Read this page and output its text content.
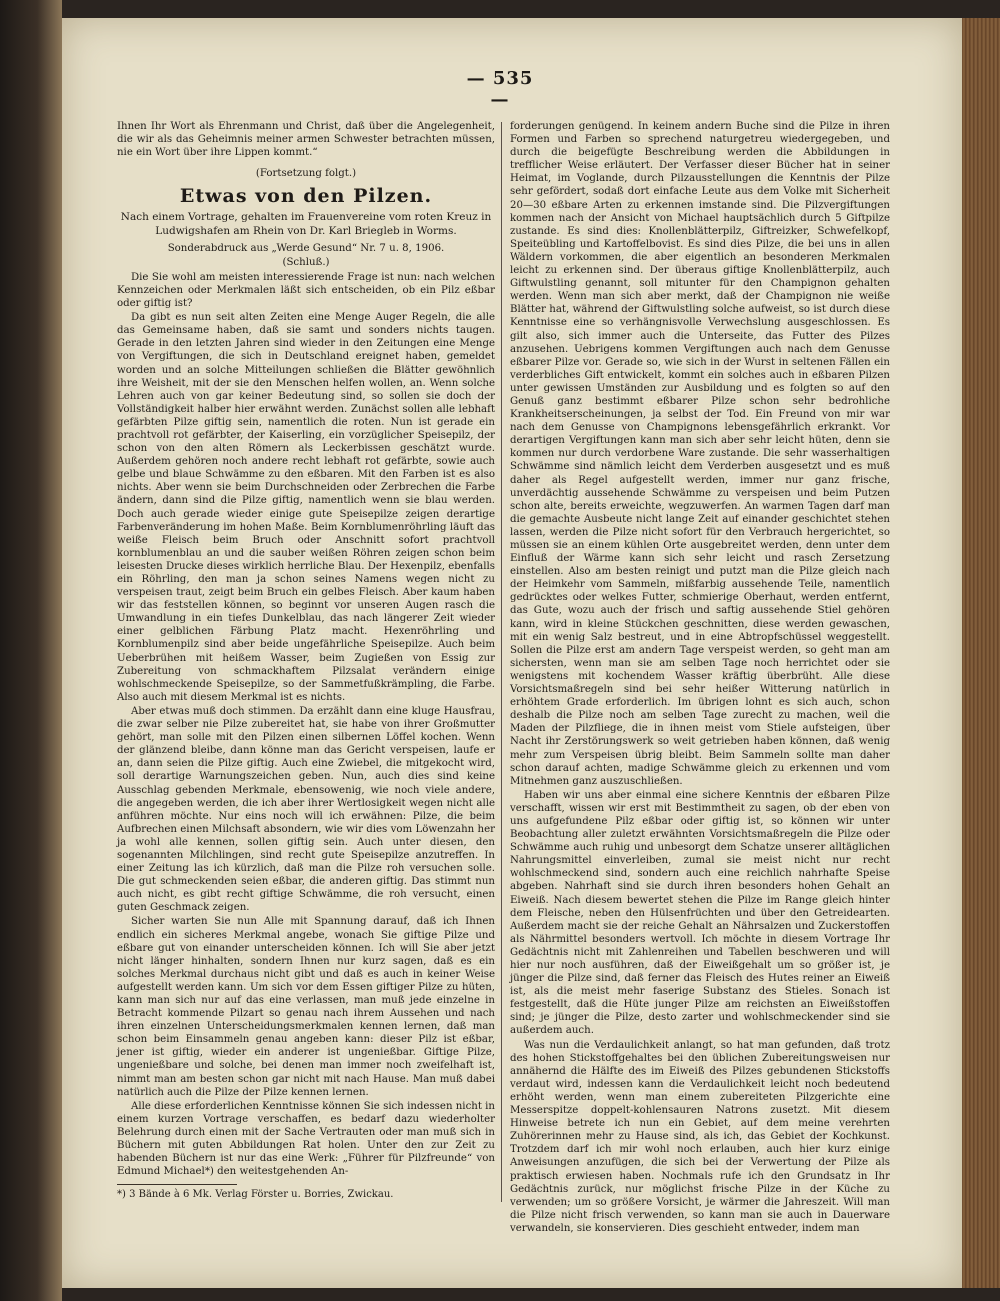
— 535 —

Ihnen Ihr Wort als Ehrenmann und Christ, daß über die Angelegenheit, die wir als das Geheimnis meiner armen Schwester betrachten müssen, nie ein Wort über ihre Lippen kommt.“

(Fortsetzung folgt.)

Etwas von den Pilzen.

Nach einem Vortrage, gehalten im Frauenvereine vom roten Kreuz in Ludwigshafen am Rhein von Dr. Karl Briegleb in Worms.

Sonderabdruck aus „Werde Gesund“ Nr. 7 u. 8, 1906.

(Schluß.)

Die Sie wohl am meisten interessierende Frage ist nun: nach welchen Kennzeichen oder Merkmalen läßt sich entscheiden, ob ein Pilz eßbar oder giftig ist?

Da gibt es nun seit alten Zeiten eine Menge Auger Regeln, die alle das Gemeinsame haben, daß sie samt und sonders nichts taugen. Gerade in den letzten Jahren sind wieder in den Zeitungen eine Menge von Vergiftungen, die sich in Deutschland ereignet haben, gemeldet worden und an solche Mitteilungen schließen die Blätter gewöhnlich ihre Weisheit, mit der sie den Menschen helfen wollen, an. Wenn solche Lehren auch von gar keiner Bedeutung sind, so sollen sie doch der Vollständigkeit halber hier erwähnt werden. Zunächst sollen alle lebhaft gefärbten Pilze giftig sein, namentlich die roten. Nun ist gerade ein prachtvoll rot gefärbter, der Kaiserling, ein vorzüglicher Speisepilz, der schon von den alten Römern als Leckerbissen geschätzt wurde. Außerdem gehören noch andere recht lebhaft rot gefärbte, sowie auch gelbe und blaue Schwämme zu den eßbaren. Mit den Farben ist es also nichts. Aber wenn sie beim Durchschneiden oder Zerbrechen die Farbe ändern, dann sind die Pilze giftig, namentlich wenn sie blau werden. Doch auch gerade wieder einige gute Speisepilze zeigen derartige Farbenveränderung im hohen Maße. Beim Kornblumenröhrling läuft das weiße Fleisch beim Bruch oder Anschnitt sofort prachtvoll kornblumenblau an und die sauber weißen Röhren zeigen schon beim leisesten Drucke dieses wirklich herrliche Blau. Der Hexenpilz, ebenfalls ein Röhrling, den man ja schon seines Namens wegen nicht zu verspeisen traut, zeigt beim Bruch ein gelbes Fleisch. Aber kaum haben wir das feststellen können, so beginnt vor unseren Augen rasch die Umwandlung in ein tiefes Dunkelblau, das nach längerer Zeit wieder einer gelblichen Färbung Platz macht. Hexenröhrling und Kornblumenpilz sind aber beide ungefährliche Speisepilze. Auch beim Ueberbrühen mit heißem Wasser, beim Zugießen von Essig zur Zubereitung von schmackhaftem Pilzsalat verändern einige wohlschmeckende Speisepilze, so der Sammetfußkrämpling, die Farbe. Also auch mit diesem Merkmal ist es nichts.

Aber etwas muß doch stimmen. Da erzählt dann eine kluge Hausfrau, die zwar selber nie Pilze zubereitet hat, sie habe von ihrer Großmutter gehört, man solle mit den Pilzen einen silbernen Löffel kochen. Wenn der glänzend bleibe, dann könne man das Gericht verspeisen, laufe er an, dann seien die Pilze giftig. Auch eine Zwiebel, die mitgekocht wird, soll derartige Warnungszeichen geben. Nun, auch dies sind keine Ausschlag gebenden Merkmale, ebensowenig, wie noch viele andere, die angegeben werden, die ich aber ihrer Wertlosigkeit wegen nicht alle anführen möchte. Nur eins noch will ich erwähnen: Pilze, die beim Aufbrechen einen Milchsaft absondern, wie wir dies vom Löwenzahn her ja wohl alle kennen, sollen giftig sein. Auch unter diesen, den sogenannten Milchlingen, sind recht gute Speisepilze anzutreffen. In einer Zeitung las ich kürzlich, daß man die Pilze roh versuchen solle. Die gut schmeckenden seien eßbar, die anderen giftig. Das stimmt nun auch nicht, es gibt recht giftige Schwämme, die roh versucht, einen guten Geschmack zeigen.

Sicher warten Sie nun Alle mit Spannung darauf, daß ich Ihnen endlich ein sicheres Merkmal angebe, wonach Sie giftige Pilze und eßbare gut von einander unterscheiden können. Ich will Sie aber jetzt nicht länger hinhalten, sondern Ihnen nur kurz sagen, daß es ein solches Merkmal durchaus nicht gibt und daß es auch in keiner Weise aufgestellt werden kann. Um sich vor dem Essen giftiger Pilze zu hüten, kann man sich nur auf das eine verlassen, man muß jede einzelne in Betracht kommende Pilzart so genau nach ihrem Aussehen und nach ihren einzelnen Unterscheidungsmerkmalen kennen lernen, daß man schon beim Einsammeln genau angeben kann: dieser Pilz ist eßbar, jener ist giftig, wieder ein anderer ist ungenießbar. Giftige Pilze, ungenießbare und solche, bei denen man immer noch zweifelhaft ist, nimmt man am besten schon gar nicht mit nach Hause. Man muß dabei natürlich auch die Pilze der Pilze kennen lernen.

Alle diese erforderlichen Kenntnisse können Sie sich indessen nicht in einem kurzen Vortrage verschaffen, es bedarf dazu wiederholter Belehrung durch einen mit der Sache Vertrauten oder man muß sich in Büchern mit guten Abbildungen Rat holen. Unter den zur Zeit zu habenden Büchern ist nur das eine Werk: „Führer für Pilzfreunde“ von Edmund Michael*) den weitestgehenden An-

*) 3 Bände à 6 Mk. Verlag Förster u. Borries, Zwickau.

forderungen genügend. In keinem andern Buche sind die Pilze in ihren Formen und Farben so sprechend naturgetreu wiedergegeben, und durch die beigefügte Beschreibung werden die Abbildungen in trefflicher Weise erläutert. Der Verfasser dieser Bücher hat in seiner Heimat, im Voglande, durch Pilzausstellungen die Kenntnis der Pilze sehr gefördert, sodaß dort einfache Leute aus dem Volke mit Sicherheit 20—30 eßbare Arten zu erkennen imstande sind. Die Pilzvergiftungen kommen nach der Ansicht von Michael hauptsächlich durch 5 Giftpilze zustande. Es sind dies: Knollenblätterpilz, Giftreizker, Schwefelkopf, Speiteübling und Kartoffelbovist. Es sind dies Pilze, die bei uns in allen Wäldern vorkommen, die aber eigentlich an besonderen Merkmalen leicht zu erkennen sind. Der überaus giftige Knollenblätterpilz, auch Giftwulstling genannt, soll mitunter für den Champignon gehalten werden. Wenn man sich aber merkt, daß der Champignon nie weiße Blätter hat, während der Giftwulstling solche aufweist, so ist durch diese Kenntnisse eine so verhängnisvolle Verwechslung ausgeschlossen. Es gilt also, sich immer auch die Unterseite, das Futter des Pilzes anzusehen. Uebrigens kommen Vergiftungen auch nach dem Genusse eßbarer Pilze vor. Gerade so, wie sich in der Wurst in seltenen Fällen ein verderbliches Gift entwickelt, kommt ein solches auch in eßbaren Pilzen unter gewissen Umständen zur Ausbildung und es folgten so auf den Genuß ganz bestimmt eßbarer Pilze schon sehr bedrohliche Krankheitserscheinungen, ja selbst der Tod. Ein Freund von mir war nach dem Genusse von Champignons lebensgefährlich erkrankt. Vor derartigen Vergiftungen kann man sich aber sehr leicht hüten, denn sie kommen nur durch verdorbene Ware zustande. Die sehr wasserhaltigen Schwämme sind nämlich leicht dem Verderben ausgesetzt und es muß daher als Regel aufgestellt werden, immer nur ganz frische, unverdächtig aussehende Schwämme zu verspeisen und beim Putzen schon alte, bereits erweichte, wegzuwerfen. An warmen Tagen darf man die gemachte Ausbeute nicht lange Zeit auf einander geschichtet stehen lassen, werden die Pilze nicht sofort für den Verbrauch hergerichtet, so müssen sie an einem kühlen Orte ausgebreitet werden, denn unter dem Einfluß der Wärme kann sich sehr leicht und rasch Zersetzung einstellen. Also am besten reinigt und putzt man die Pilze gleich nach der Heimkehr vom Sammeln, mißfarbig aussehende Teile, namentlich gedrücktes oder welkes Futter, schmierige Oberhaut, werden entfernt, das Gute, wozu auch der frisch und saftig aussehende Stiel gehören kann, wird in kleine Stückchen geschnitten, diese werden gewaschen, mit ein wenig Salz bestreut, und in eine Abtropfschüssel weggestellt. Sollen die Pilze erst am andern Tage verspeist werden, so geht man am sichersten, wenn man sie am selben Tage noch herrichtet oder sie wenigstens mit kochendem Wasser kräftig überbrüht. Alle diese Vorsichtsmaßregeln sind bei sehr heißer Witterung natürlich in erhöhtem Grade erforderlich. Im übrigen lohnt es sich auch, schon deshalb die Pilze noch am selben Tage zurecht zu machen, weil die Maden der Pilzfliege, die in ihnen meist vom Stiele aufsteigen, über Nacht ihr Zerstörungswerk so weit getrieben haben können, daß wenig mehr zum Verspeisen übrig bleibt. Beim Sammeln sollte man daher schon darauf achten, madige Schwämme gleich zu erkennen und vom Mitnehmen ganz auszuschließen.

Haben wir uns aber einmal eine sichere Kenntnis der eßbaren Pilze verschafft, wissen wir erst mit Bestimmtheit zu sagen, ob der eben von uns aufgefundene Pilz eßbar oder giftig ist, so können wir unter Beobachtung aller zuletzt erwähnten Vorsichtsmaßregeln die Pilze oder Schwämme auch ruhig und unbesorgt dem Schatze unserer alltäglichen Nahrungsmittel einverleiben, zumal sie meist nicht nur recht wohlschmeckend sind, sondern auch eine reichlich nahrhafte Speise abgeben. Nahrhaft sind sie durch ihren besonders hohen Gehalt an Eiweiß. Nach diesem bewertet stehen die Pilze im Range gleich hinter dem Fleische, neben den Hülsenfrüchten und über den Getreidearten. Außerdem macht sie der reiche Gehalt an Nährsalzen und Zuckerstoffen als Nährmittel besonders wertvoll. Ich möchte in diesem Vortrage Ihr Gedächtnis nicht mit Zahlenreihen und Tabellen beschweren und will hier nur noch ausführen, daß der Eiweißgehalt um so größer ist, je jünger die Pilze sind, daß ferner das Fleisch des Hutes reiner an Eiweiß ist, als die meist mehr faserige Substanz des Stieles. Sonach ist festgestellt, daß die Hüte junger Pilze am reichsten an Eiweißstoffen sind; je jünger die Pilze, desto zarter und wohlschmeckender sind sie außerdem auch.

Was nun die Verdaulichkeit anlangt, so hat man gefunden, daß trotz des hohen Stickstoffgehaltes bei den üblichen Zubereitungsweisen nur annähernd die Hälfte des im Eiweiß des Pilzes gebundenen Stickstoffs verdaut wird, indessen kann die Verdaulichkeit leicht noch bedeutend erhöht werden, wenn man einem zubereiteten Pilzgerichte eine Messerspitze doppelt-kohlensauren Natrons zusetzt. Mit diesem Hinweise betrete ich nun ein Gebiet, auf dem meine verehrten Zuhörerinnen mehr zu Hause sind, als ich, das Gebiet der Kochkunst. Trotzdem darf ich mir wohl noch erlauben, auch hier kurz einige Anweisungen anzufügen, die sich bei der Verwertung der Pilze als praktisch erwiesen haben. Nochmals rufe ich den Grundsatz in Ihr Gedächtnis zurück, nur möglichst frische Pilze in der Küche zu verwenden; um so größere Vorsicht, je wärmer die Jahreszeit. Will man die Pilze nicht frisch verwenden, so kann man sie auch in Dauerware verwandeln, sie konservieren. Dies geschieht entweder, indem man
